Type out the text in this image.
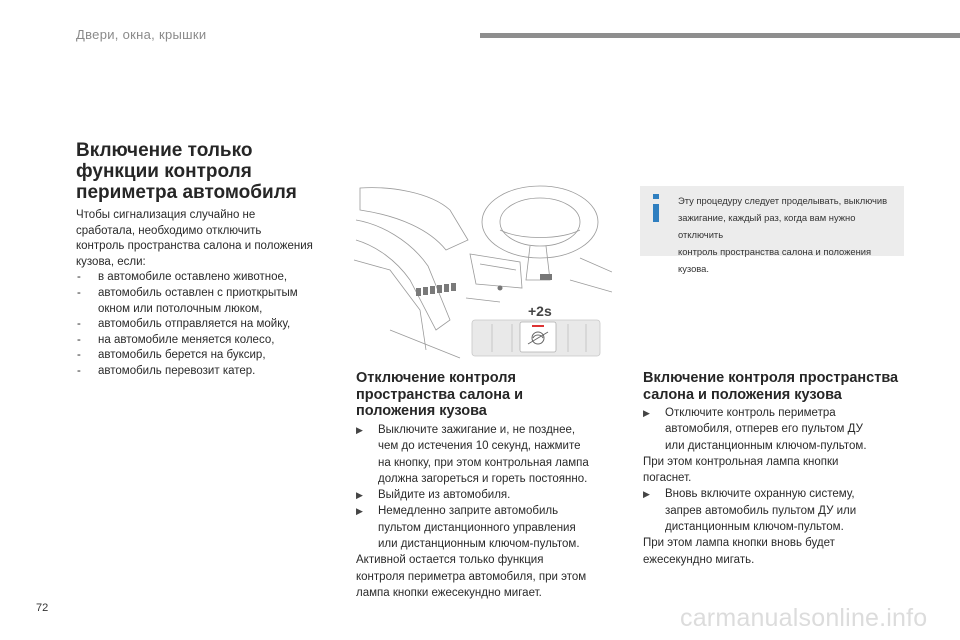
Двери, окна, крышки
Включение только
функции контроля
периметра автомобиля

Чтобы сигнализация случайно не

сработала, необходимо отключить

контроль пространства салона и положения

кузова, если:

- в автомобиле оставлено животное,
- автомобиль оставлен с приоткрытым
окном или потолочным люком,
- автомобиль отправляется на мойку,
- на автомобиле меняется колесо,
- автомобиль берется на буксир,
- автомобиль перевозит катер.
+2s
Эту процедуру следует проделывать, выключив
зажигание, каждый раз, когда вам нужно отключить
контроль пространства салона и положения кузова.
Отключение контроля
пространства салона и
положения кузова
▶ Выключите зажигание и, не позднее,
чем до истечения 10 секунд, нажмите
на кнопку, при этом контрольная лампа
должна загореться и гореть постоянно.
▶ Выйдите из автомобиля.
▶ Немедленно заприте автомобиль
пультом дистанционного управления
или дистанционным ключом-пультом.

Активной остается только функция

контроля периметра автомобиля, при этом

лампа кнопки ежесекундно мигает.

Включение контроля пространства
салона и положения кузова
▶ Отключите контроль периметра
автомобиля, отперев его пультом ДУ
или дистанционным ключом-пультом.

При этом контрольная лампа кнопки

погаснет.

▶ Вновь включите охранную систему,
запрев автомобиль пультом ДУ или
дистанционным ключом-пультом.

При этом лампа кнопки вновь будет

ежесекундно мигать.

72	carmanualsonline.info
